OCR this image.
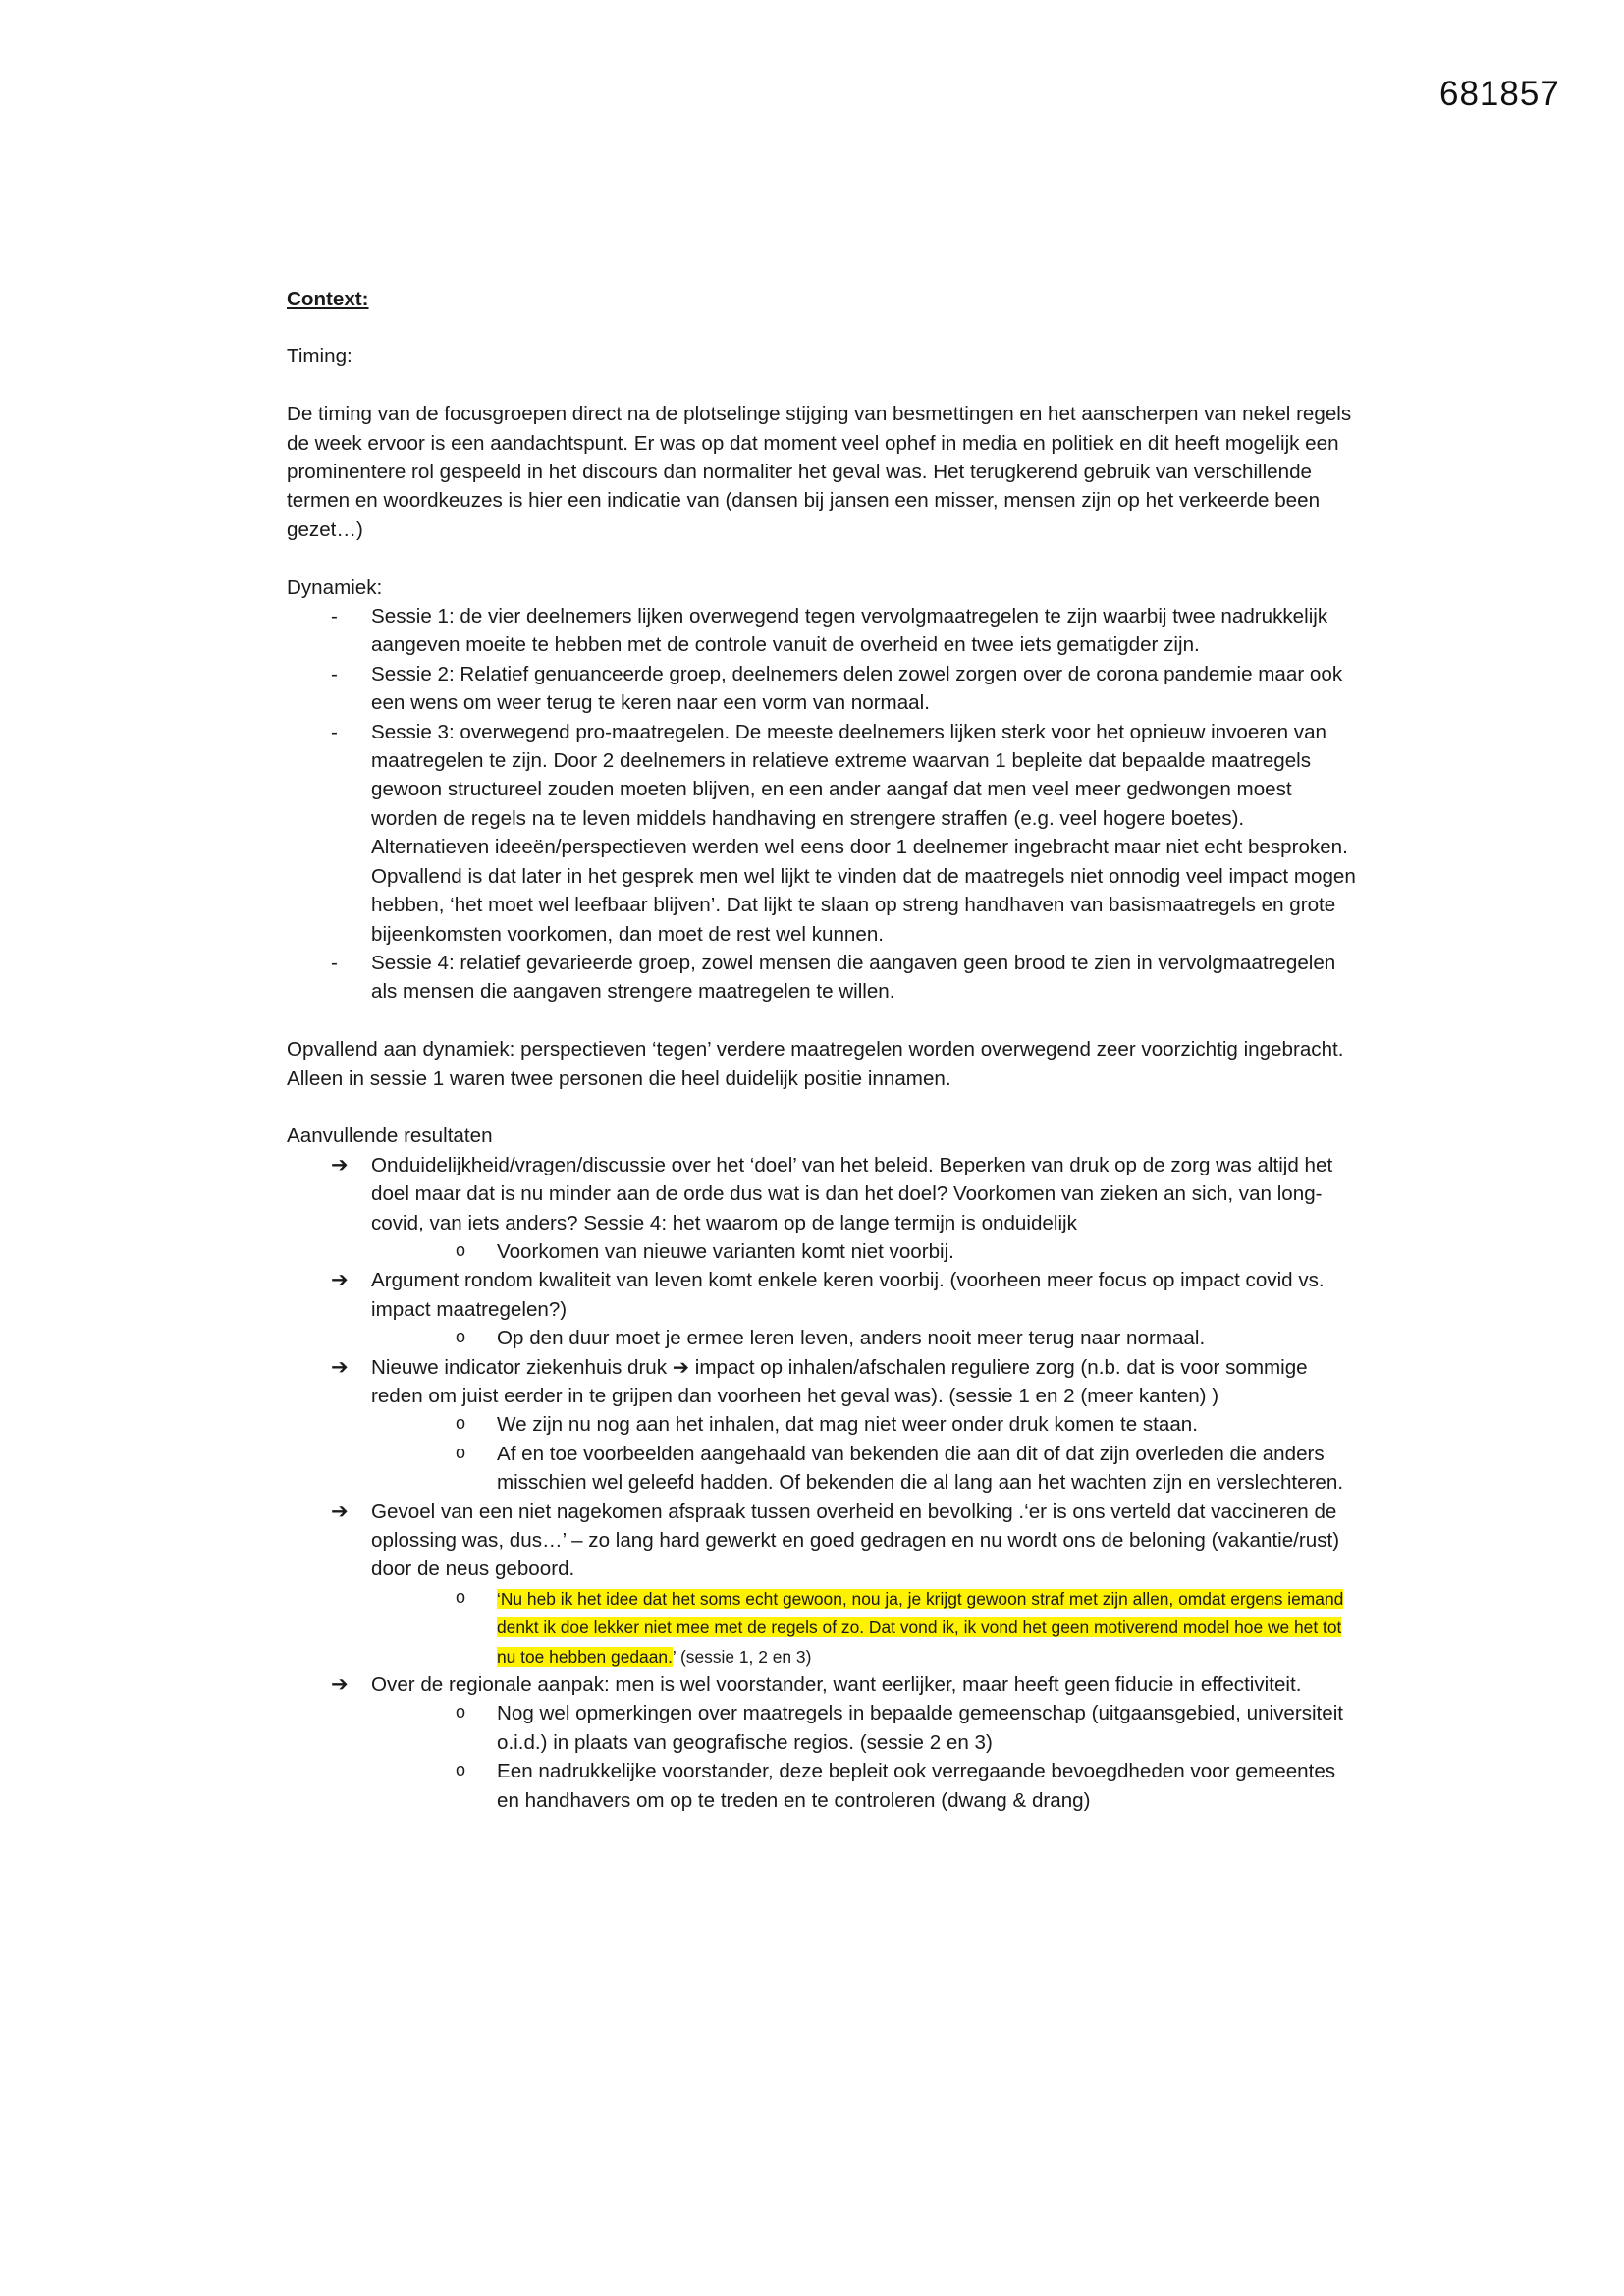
681857

Context:

Timing:

De timing van de focusgroepen direct na de plotselinge stijging van besmettingen en het aanscherpen van nekel regels de week ervoor is een aandachtspunt. Er was op dat moment veel ophef in media en politiek en dit heeft mogelijk een prominentere rol gespeeld in het discours dan normaliter het geval was. Het terugkerend gebruik van verschillende termen en woordkeuzes is hier een indicatie van (dansen bij jansen een misser, mensen zijn op het verkeerde been gezet…)

Dynamiek:

- Sessie 1: de vier deelnemers lijken overwegend tegen vervolgmaatregelen te zijn waarbij twee nadrukkelijk aangeven moeite te hebben met de controle vanuit de overheid en twee iets gematigder zijn.
- Sessie 2: Relatief genuanceerde groep, deelnemers delen zowel zorgen over de corona pandemie maar ook een wens om weer terug te keren naar een vorm van normaal.
- Sessie 3: overwegend pro-maatregelen. De meeste deelnemers lijken sterk voor het opnieuw invoeren van maatregelen te zijn. Door 2 deelnemers in relatieve extreme waarvan 1 bepleite dat bepaalde maatregels gewoon structureel zouden moeten blijven, en een ander aangaf dat men veel meer gedwongen moest worden de regels na te leven middels handhaving en strengere straffen (e.g. veel hogere boetes). Alternatieven ideeën/perspectieven werden wel eens door 1 deelnemer ingebracht maar niet echt besproken. Opvallend is dat later in het gesprek men wel lijkt te vinden dat de maatregels niet onnodig veel impact mogen hebben, ‘het moet wel leefbaar blijven’. Dat lijkt te slaan op streng handhaven van basismaatregels en grote bijeenkomsten voorkomen, dan moet de rest wel kunnen.
- Sessie 4: relatief gevarieerde groep, zowel mensen die aangaven geen brood te zien in vervolgmaatregelen als mensen die aangaven strengere maatregelen te willen.

Opvallend aan dynamiek: perspectieven ‘tegen’ verdere maatregelen worden overwegend zeer voorzichtig ingebracht. Alleen in sessie 1 waren twee personen die heel duidelijk positie innamen.

Aanvullende resultaten

➔ Onduidelijkheid/vragen/discussie over het ‘doel’ van het beleid. Beperken van druk op de zorg was altijd het doel maar dat is nu minder aan de orde dus wat is dan het doel? Voorkomen van zieken an sich, van long-covid, van iets anders? Sessie 4: het waarom op de lange termijn is onduidelijk
o Voorkomen van nieuwe varianten komt niet voorbij.
➔ Argument rondom kwaliteit van leven komt enkele keren voorbij. (voorheen meer focus op impact covid vs. impact maatregelen?)
o Op den duur moet je ermee leren leven, anders nooit meer terug naar normaal.
➔ Nieuwe indicator ziekenhuis druk ➔ impact op inhalen/afschalen reguliere zorg (n.b. dat is voor sommige reden om juist eerder in te grijpen dan voorheen het geval was). (sessie 1 en 2 (meer kanten) )
o We zijn nu nog aan het inhalen, dat mag niet weer onder druk komen te staan.
o Af en toe voorbeelden aangehaald van bekenden die aan dit of dat zijn overleden die anders misschien wel geleefd hadden. Of bekenden die al lang aan het wachten zijn en verslechteren.
➔ Gevoel van een niet nagekomen afspraak tussen overheid en bevolking .‘er is ons verteld dat vaccineren de oplossing was, dus…’ – zo lang hard gewerkt en goed gedragen en nu wordt ons de beloning (vakantie/rust) door de neus geboord.
o ‘Nu heb ik het idee dat het soms echt gewoon, nou ja, je krijgt gewoon straf met zijn allen, omdat ergens iemand denkt ik doe lekker niet mee met de regels of zo. Dat vond ik, ik vond het geen motiverend model hoe we het tot nu toe hebben gedaan.’ (sessie 1, 2 en 3)
➔ Over de regionale aanpak: men is wel voorstander, want eerlijker, maar heeft geen fiducie in effectiviteit.
o Nog wel opmerkingen over maatregels in bepaalde gemeenschap (uitgaansgebied, universiteit o.i.d.) in plaats van geografische regios. (sessie 2 en 3)
o Een nadrukkelijke voorstander, deze bepleit ook verregaande bevoegdheden voor gemeentes en handhavers om op te treden en te controleren (dwang & drang)
